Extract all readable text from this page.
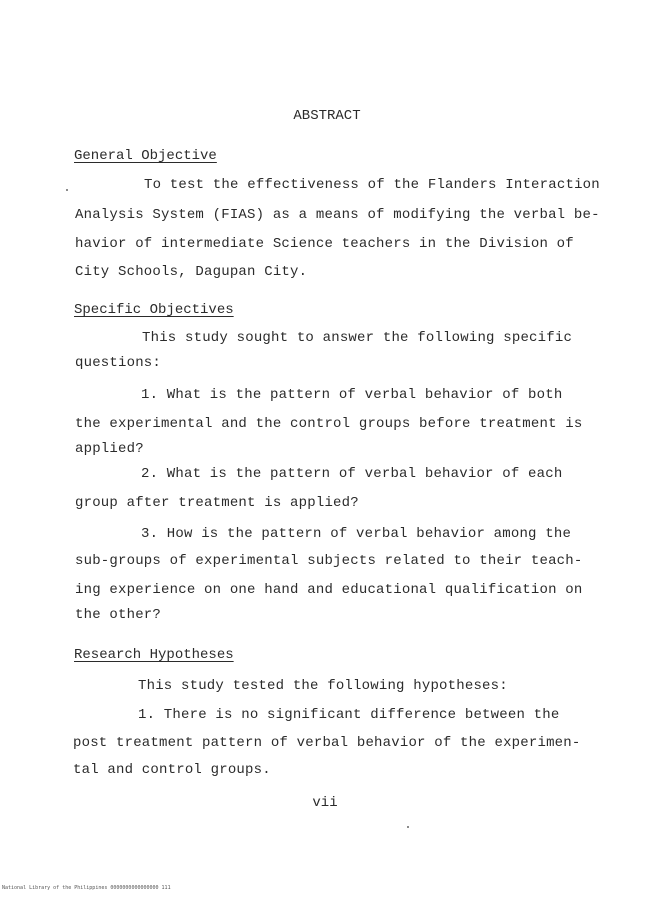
ABSTRACT
General Objective
To test the effectiveness of the Flanders Interaction
Analysis System (FIAS) as a means of modifying the verbal be-
havior of intermediate Science teachers in the Division of
City Schools, Dagupan City.
Specific Objectives
This study sought to answer the following specific
questions:
1. What is the pattern of verbal behavior of both
the experimental and the control groups before treatment is
applied?
2. What is the pattern of verbal behavior of each
group after treatment is applied?
3. How is the pattern of verbal behavior among the
sub-groups of experimental subjects related to their teach-
ing experience on one hand and educational qualification on
the other?
Research Hypotheses
This study tested the following hypotheses:
1. There is no significant difference between the
post treatment pattern of verbal behavior of the experimen-
tal and control groups.
vii
National Library of the Philippines 0000000000000000 111
